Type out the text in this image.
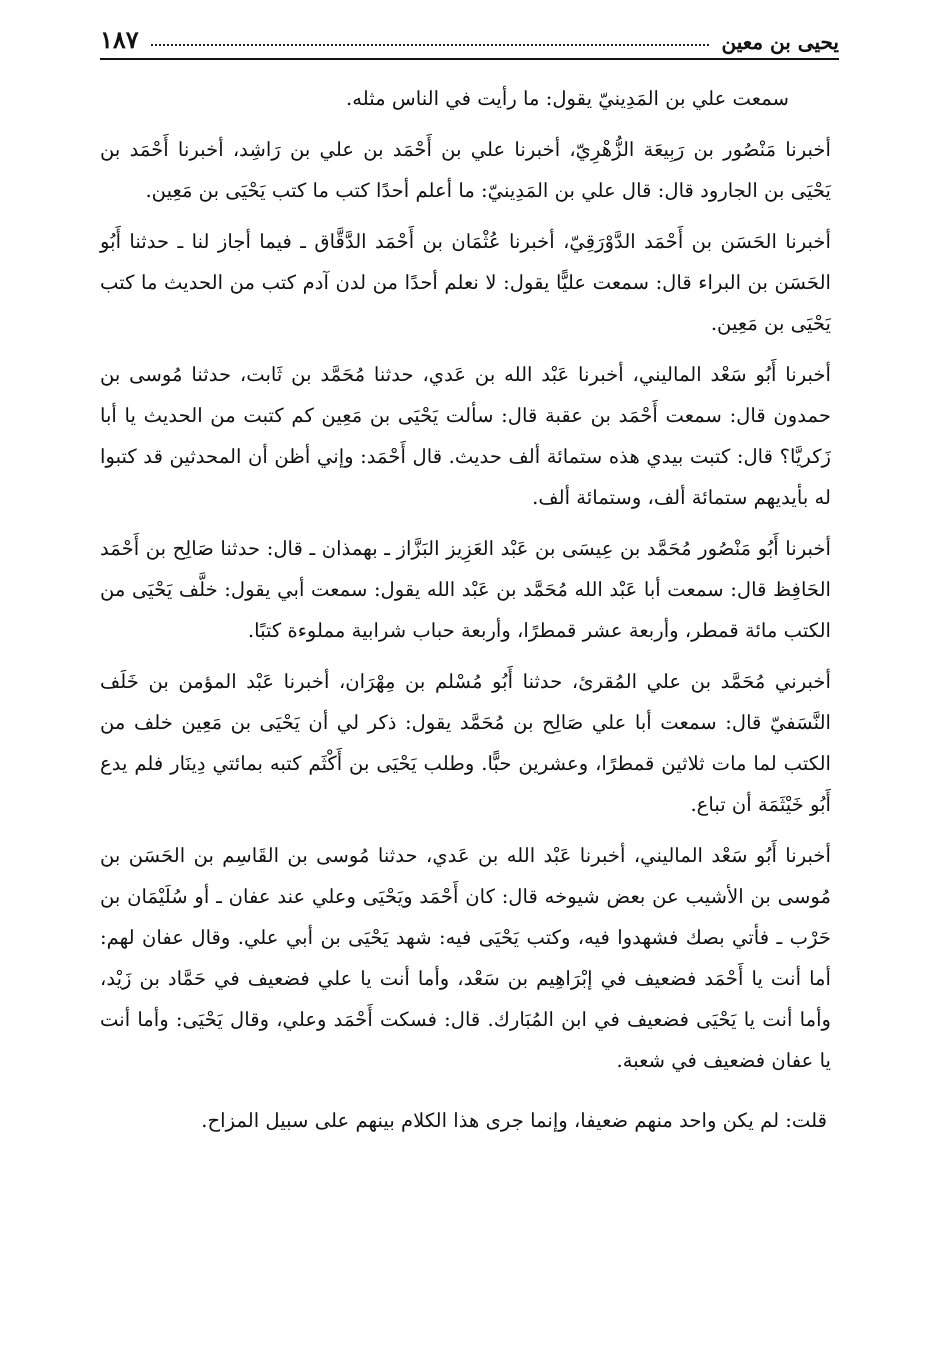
يحيى بن معين
١٨٧

سمعت علي بن المَدِينيّ يقول: ما رأيت في الناس مثله.

أخبرنا مَنْصُور بن رَبِيعَة الزُّهْرِيّ، أخبرنا علي بن أَحْمَد بن علي بن رَاشِد، أخبرنا أَحْمَد بن يَحْيَى بن الجارود قال: قال علي بن المَدِينيّ: ما أعلم أحدًا كتب ما كتب يَحْيَى بن مَعِين.

أخبرنا الحَسَن بن أَحْمَد الدَّوْرَقِيّ، أخبرنا عُثْمَان بن أَحْمَد الدَّقَّاق ـ فيما أجاز لنا ـ حدثنا أَبُو الحَسَن بن البراء قال: سمعت عليًّا يقول: لا نعلم أحدًا من لدن آدم كتب من الحديث ما كتب يَحْيَى بن مَعِين.

أخبرنا أَبُو سَعْد الماليني، أخبرنا عَبْد الله بن عَدي، حدثنا مُحَمَّد بن ثَابت، حدثنا مُوسى بن حمدون قال: سمعت أَحْمَد بن عقبة قال: سألت يَحْيَى بن مَعِين كم كتبت من الحديث يا أبا زَكريَّا؟ قال: كتبت بيدي هذه ستمائة ألف حديث. قال أَحْمَد: وإني أظن أن المحدثين قد كتبوا له بأيديهم ستمائة ألف، وستمائة ألف.

أخبرنا أَبُو مَنْصُور مُحَمَّد بن عِيسَى بن عَبْد العَزِيز البَزَّاز ـ بهمذان ـ قال: حدثنا صَالِح بن أَحْمَد الحَافِظ قال: سمعت أبا عَبْد الله مُحَمَّد بن عَبْد الله يقول: سمعت أبي يقول: خلَّف يَحْيَى من الكتب مائة قمطر، وأربعة عشر قمطرًا، وأربعة حباب شرابية مملوءة كتبًا.

أخبرني مُحَمَّد بن علي المُقرئ، حدثنا أَبُو مُسْلم بن مِهْرَان، أخبرنا عَبْد المؤمن بن خَلَف النَّسَفيّ قال: سمعت أبا علي صَالِح بن مُحَمَّد يقول: ذكر لي أن يَحْيَى بن مَعِين خلف من الكتب لما مات ثلاثين قمطرًا، وعشرين حبًّا. وطلب يَحْيَى بن أَكْثَم كتبه بمائتي دِينَار فلم يدع أَبُو خَيْثَمَة أن تباع.

أخبرنا أَبُو سَعْد الماليني، أخبرنا عَبْد الله بن عَدي، حدثنا مُوسى بن القَاسِم بن الحَسَن بن مُوسى بن الأشيب عن بعض شيوخه قال: كان أَحْمَد ويَحْيَى وعلي عند عفان ـ أو سُلَيْمَان بن حَرْب ـ فأتي بصك فشهدوا فيه، وكتب يَحْيَى فيه: شهد يَحْيَى بن أبي علي. وقال عفان لهم: أما أنت يا أَحْمَد فضعيف في إبْرَاهِيم بن سَعْد، وأما أنت يا علي فضعيف في حَمَّاد بن زَيْد، وأما أنت يا يَحْيَى فضعيف في ابن المُبَارك. قال: فسكت أَحْمَد وعلي، وقال يَحْيَى: وأما أنت يا عفان فضعيف في شعبة.

قلت: لم يكن واحد منهم ضعيفا، وإنما جرى هذا الكلام بينهم على سبيل المزاح.
